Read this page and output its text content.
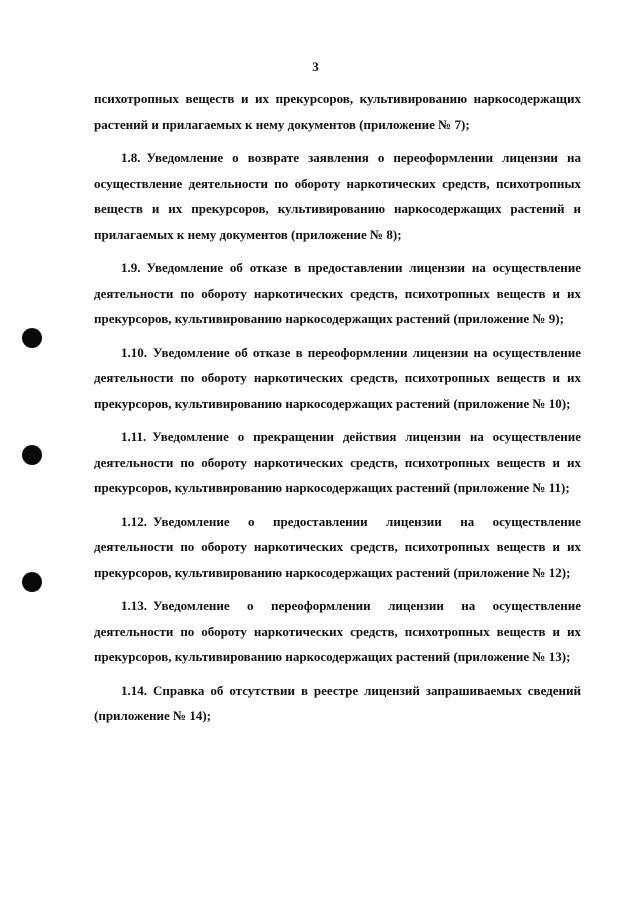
3

психотропных веществ и их прекурсоров, культивированию наркосодержащих растений и прилагаемых к нему документов (приложение № 7);

1.8. Уведомление о возврате заявления о переоформлении лицензии на осуществление деятельности по обороту наркотических средств, психотропных веществ и их прекурсоров, культивированию наркосодержащих растений и прилагаемых к нему документов (приложение № 8);

1.9. Уведомление об отказе в предоставлении лицензии на осуществление деятельности по обороту наркотических средств, психотропных веществ и их прекурсоров, культивированию наркосодержащих растений (приложение № 9);

1.10. Уведомление об отказе в переоформлении лицензии на осуществление деятельности по обороту наркотических средств, психотропных веществ и их прекурсоров, культивированию наркосодержащих растений (приложение № 10);

1.11. Уведомление о прекращении действия лицензии на осуществление деятельности по обороту наркотических средств, психотропных веществ и их прекурсоров, культивированию наркосодержащих растений (приложение № 11);

1.12. Уведомление о предоставлении лицензии на осуществление деятельности по обороту наркотических средств, психотропных веществ и их прекурсоров, культивированию наркосодержащих растений (приложение № 12);

1.13. Уведомление о переоформлении лицензии на осуществление деятельности по обороту наркотических средств, психотропных веществ и их прекурсоров, культивированию наркосодержащих растений (приложение № 13);

1.14. Справка об отсутствии в реестре лицензий запрашиваемых сведений (приложение № 14);
